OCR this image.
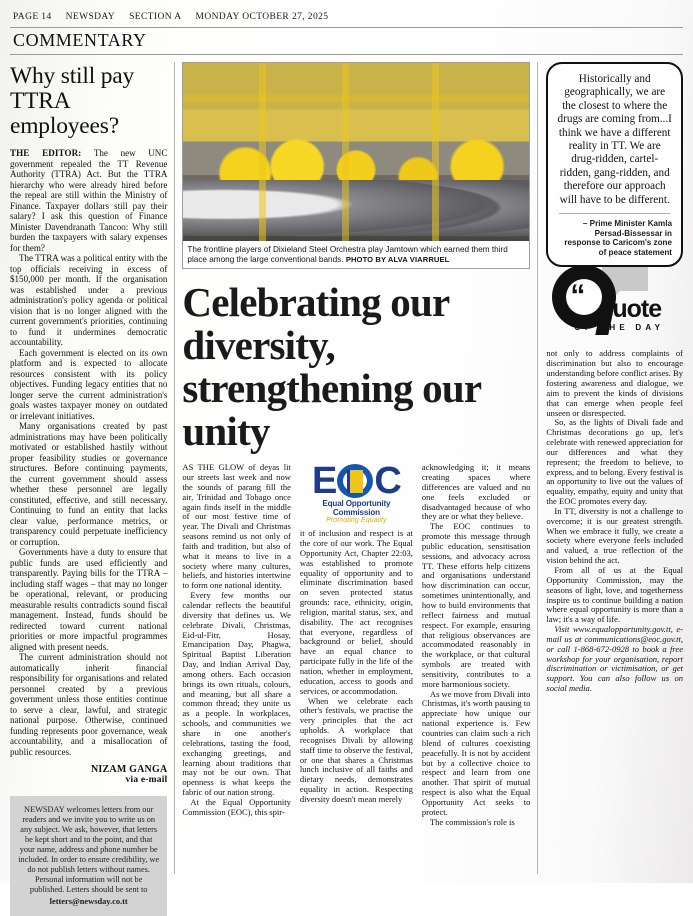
PAGE 14 NEWSDAY SECTION A MONDAY OCTOBER 27, 2025
COMMENTARY
Why still pay TTRA employees?

THE EDITOR: The new UNC government repealed the TT Revenue Authority (TTRA) Act. But the TTRA hierarchy who were already hired before the repeal are still within the Ministry of Finance. Taxpayer dollars still pay their salary? I ask this question of Finance Minister Davendranath Tancoo: Why still burden the taxpayers with salary expenses for them?

The TTRA was a political entity with the top officials receiving in excess of $150,000 per month. If the organisation was established under a previous administration's policy agenda or political vision that is no longer aligned with the current government's priorities, continuing to fund it undermines democratic accountability.

Each government is elected on its own platform and is expected to allocate resources consistent with its policy objectives. Funding legacy entities that no longer serve the current administration's goals wastes taxpayer money on outdated or irrelevant initiatives.

Many organisations created by past administrations may have been politically motivated or established hastily without proper feasibility studies or governance structures. Before continuing payments, the current government should assess whether these personnel are legally constituted, effective, and still necessary. Continuing to fund an entity that lacks clear value, performance metrics, or transparency could perpetuate inefficiency or corruption.

Governments have a duty to ensure that public funds are used efficiently and transparently. Paying bills for the TTRA – including staff wages – that may no longer be operational, relevant, or producing measurable results contradicts sound fiscal management. Instead, funds should be redirected toward current national priorities or more impactful programmes aligned with present needs.

The current administration should not automatically inherit financial responsibility for organisations and related personnel created by a previous government unless those entities continue to serve a clear, lawful, and strategic national purpose. Otherwise, continued funding represents poor governance, weak accountability, and a misallocation of public resources.

NIZAM GANGA
via e-mail
NEWSDAY welcomes letters from our readers and we invite you to write us on any subject. We ask, however, that letters be kept short and to the point, and that your name, address and phone number be included. In order to ensure credibility, we do not publish letters without names. Personal information will not be published. Letters should be sent to
letters@newsday.co.tt
The frontline players of Dixieland Steel Orchestra play Jamtown which earned them third place among the large conventional bands. PHOTO BY ALVA VIARRUEL
Celebrating our diversity, strengthening our unity

AS THE GLOW of deyas lit our streets last week and now the sounds of parang fill the air, Trinidad and Tobago once again finds itself in the middle of our most festive time of year. The Divali and Christmas seasons remind us not only of faith and tradition, but also of what it means to live in a society where many cultures, beliefs, and histories intertwine to form one national identity.

Every few months our calendar reflects the beautiful diversity that defines us. We celebrate Divali, Christmas, Eid-ul-Fitr, Hosay, Emancipation Day, Phagwa, Spiritual Baptist Liberation Day, and Indian Arrival Day, among others. Each occasion brings its own rituals, colours, and meaning, but all share a common thread; they unite us as a people. In workplaces, schools, and communities we share in one another's celebrations, tasting the food, exchanging greetings, and learning about traditions that may not be our own. That openness is what keeps the fabric of our nation strong.

At the Equal Opportunity Commission (EOC), this spir-

E C
Equal Opportunity Commission
Promoting Equality

it of inclusion and respect is at the core of our work. The Equal Opportunity Act, Chapter 22:03, was established to promote equality of opportunity and to eliminate discrimination based on seven protected status grounds: race, ethnicity, origin, religion, marital status, sex, and disability. The act recognises that everyone, regardless of background or belief, should have an equal chance to participate fully in the life of the nation, whether in employment, education, access to goods and services, or accommodation.

When we celebrate each other's festivals, we practise the very principles that the act upholds. A workplace that recognises Divali by allowing staff time to observe the festival, or one that shares a Christmas lunch inclusive of all faiths and dietary needs, demonstrates equality in action. Respecting diversity doesn't mean merely

acknowledging it; it means creating spaces where differences are valued and no one feels excluded or disadvantaged because of who they are or what they believe.

The EOC continues to promote this message through public education, sensitisation sessions, and advocacy across TT. These efforts help citizens and organisations understand how discrimination can occur, sometimes unintentionally, and how to build environments that reflect fairness and mutual respect. For example, ensuring that religious observances are accommodated reasonably in the workplace, or that cultural symbols are treated with sensitivity, contributes to a more harmonious society.

As we move from Divali into Christmas, it's worth pausing to appreciate how unique our national experience is. Few countries can claim such a rich blend of cultures coexisting peacefully. It is not by accident but by a collective choice to respect and learn from one another. That spirit of mutual respect is also what the Equal Opportunity Act seeks to protect.

The commission's role is

Historically and geographically, we are the closest to where the drugs are coming from...I think we have a different reality in TT. We are drug-ridden, cartel-ridden, gang-ridden, and therefore our approach will have to be different.
– Prime Minister Kamla Persad-Bissessar in response to Caricom's zone of peace statement
“ uote
OF THE DAY

not only to address complaints of discrimination but also to encourage understanding before conflict arises. By fostering awareness and dialogue, we aim to prevent the kinds of divisions that can emerge when people feel unseen or disrespected.

So, as the lights of Divali fade and Christmas decorations go up, let's celebrate with renewed appreciation for our differences and what they represent; the freedom to believe, to express, and to belong. Every festival is an opportunity to live out the values of equality, empathy, equity and unity that the EOC promotes every day.

In TT, diversity is not a challenge to overcome; it is our greatest strength. When we embrace it fully, we create a society where everyone feels included and valued, a true reflection of the vision behind the act.

From all of us at the Equal Opportunity Commission, may the seasons of light, love, and togetherness inspire us to continue building a nation where equal opportunity is more than a law; it's a way of life.

Visit www.equalopportunity.gov.tt, e-mail us at communications@eoc.gov.tt, or call 1-868-672-0928 to book a free workshop for your organisation, report discrimination or victimisation, or get support. You can also follow us on social media.
